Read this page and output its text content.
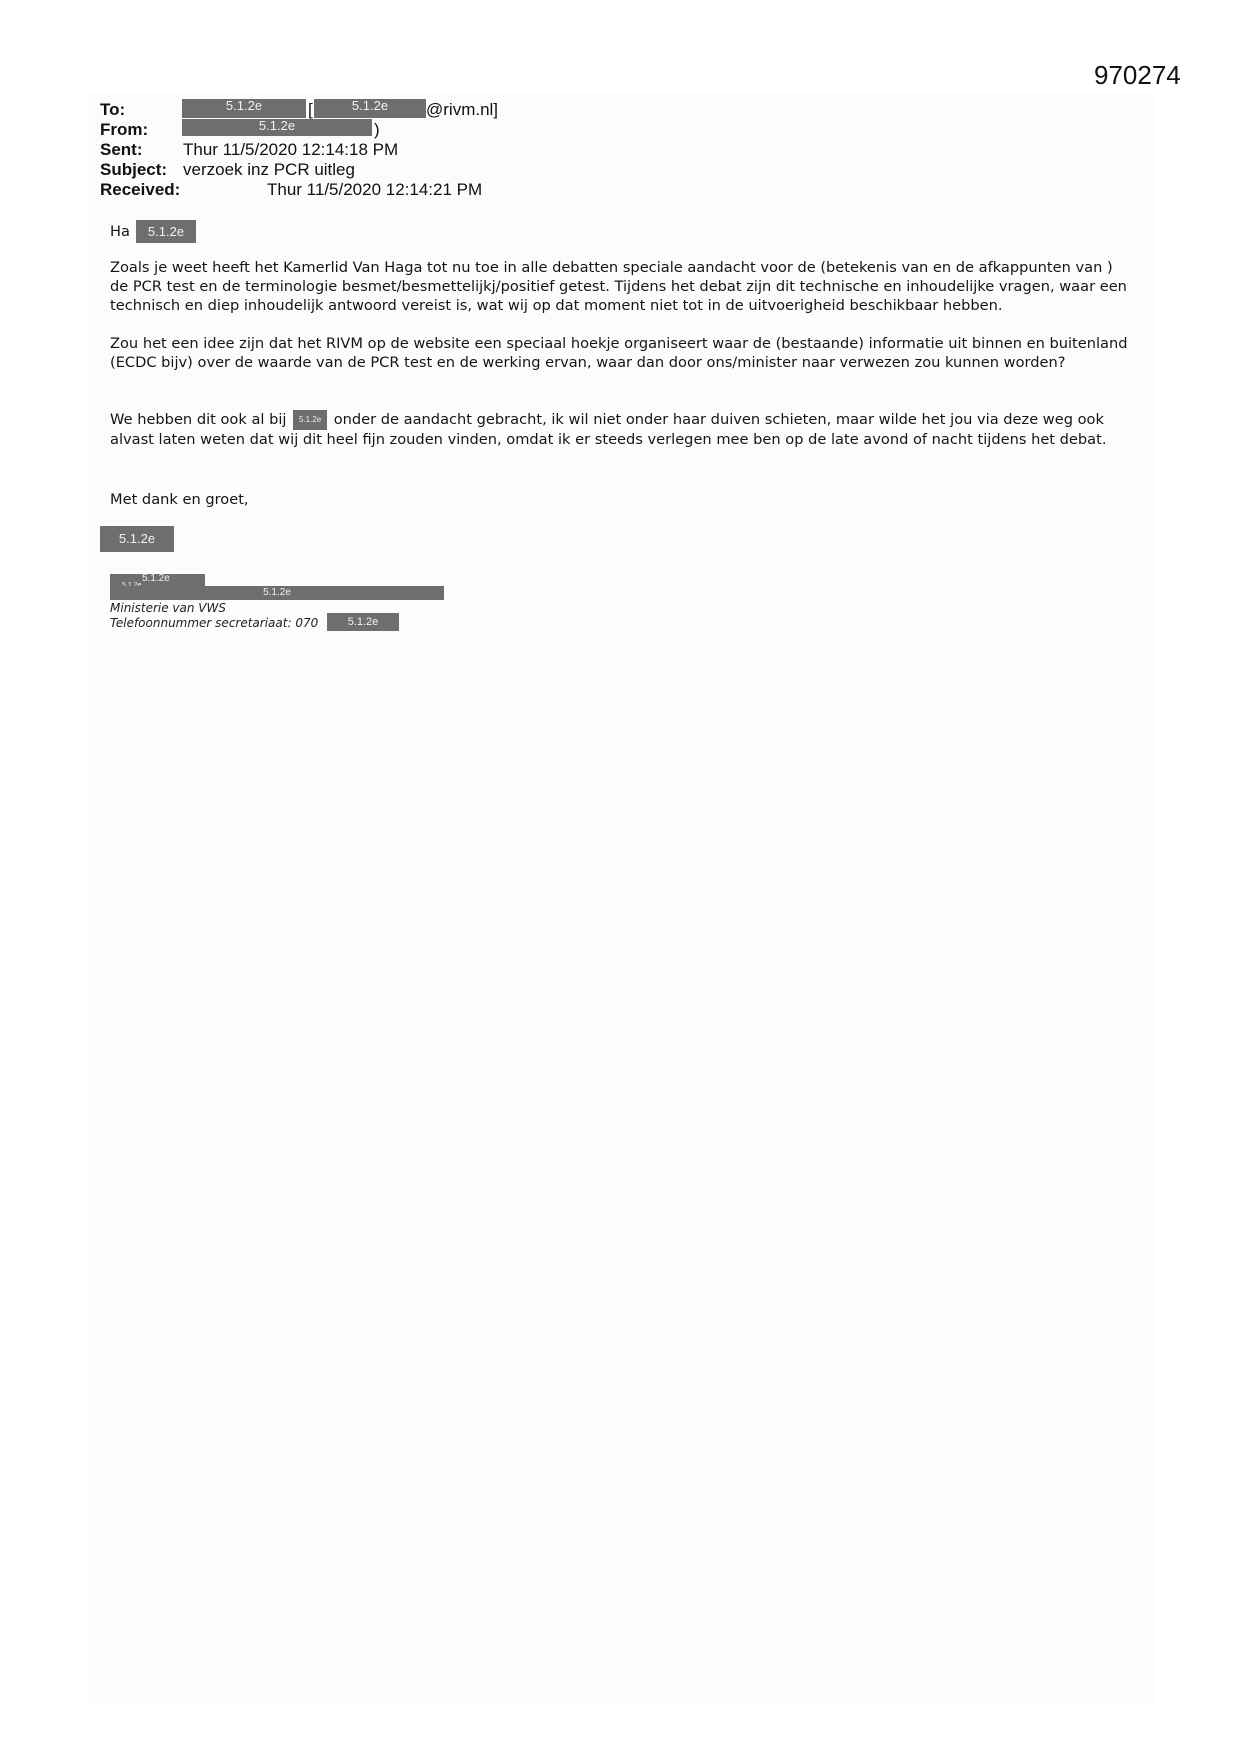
970274
To:	5.1.2e	[	5.1.2e	@rivm.nl]
From:	5.1.2e	)
Sent: Thur 11/5/2020 12:14:18 PM
Subject: verzoek inz PCR uitleg
Received:	Thur 11/5/2020 12:14:21 PM
Ha	5.1.2e
Zoals je weet heeft het Kamerlid Van Haga tot nu toe in alle debatten speciale aandacht voor de (betekenis van en de afkappunten van ) de PCR test en de terminologie besmet/besmettelijkj/positief getest. Tijdens het debat zijn dit technische en inhoudelijke vragen, waar een technisch en diep inhoudelijk antwoord vereist is, wat wij op dat moment niet tot in de uitvoerigheid beschikbaar hebben.
Zou het een idee zijn dat het RIVM op de website een speciaal hoekje organiseert waar de (bestaande) informatie uit binnen en buitenland (ECDC bijv) over de waarde van de PCR test en de werking ervan, waar dan door ons/minister naar verwezen zou kunnen worden?
We hebben dit ook al bij 5.1.2e onder de aandacht gebracht, ik wil niet onder haar duiven schieten, maar wilde het jou via deze weg ook alvast laten weten dat wij dit heel fijn zouden vinden, omdat ik er steeds verlegen mee ben op de late avond of nacht tijdens het debat.
Met dank en groet,
5.1.2e
5.1.2e
5.1.2e
Ministerie van VWS
Telefoonnummer secretariaat: 070	5.1.2e
